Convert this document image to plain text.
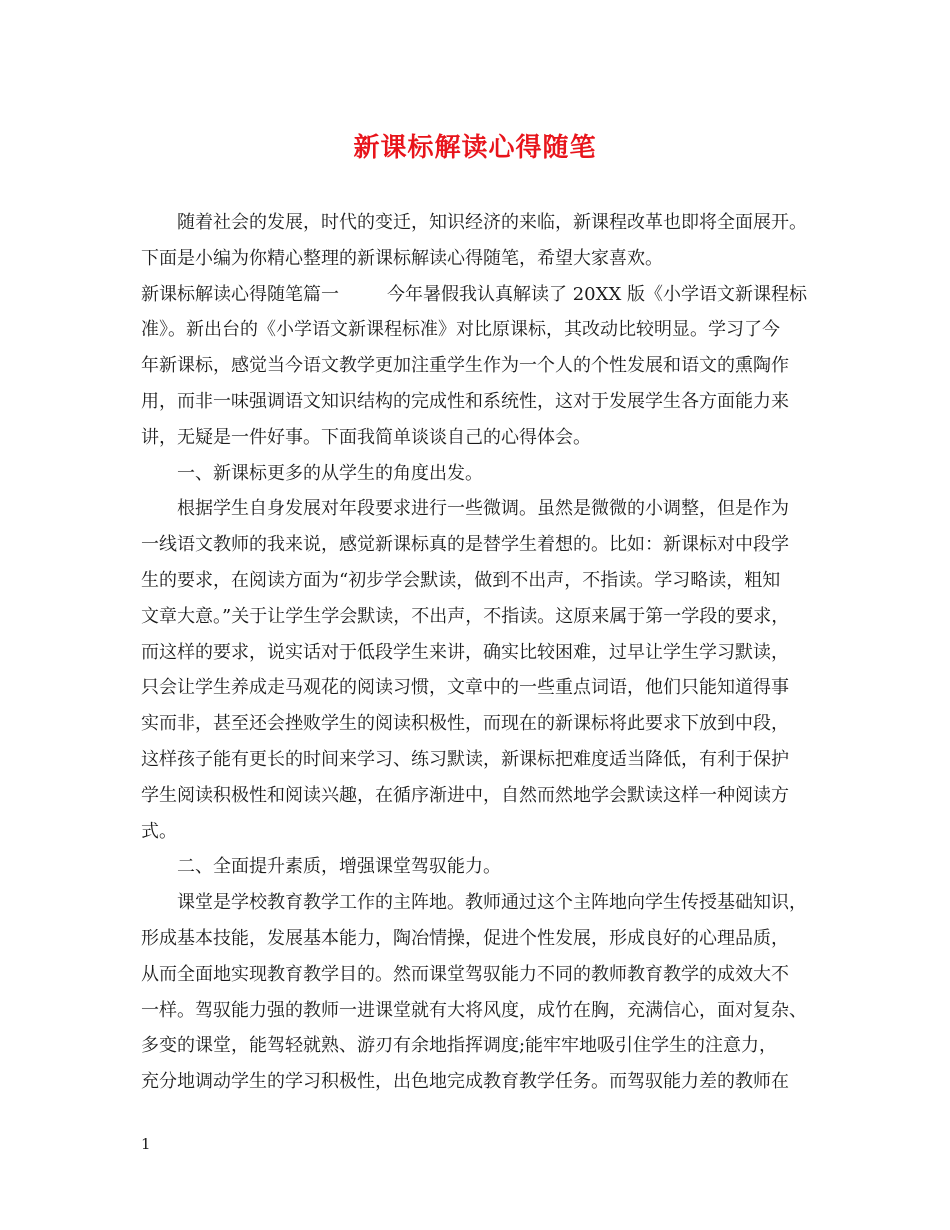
新课标解读心得随笔
随着社会的发展，时代的变迁，知识经济的来临，新课程改革也即将全面展开。
下面是小编为你精心整理的新课标解读心得随笔，希望大家喜欢。
新课标解读心得随笔篇一	今年暑假我认真解读了 20XX 版《小学语文新课程标
准》。新出台的《小学语文新课程标准》对比原课标，其改动比较明显。学习了今
年新课标，感觉当今语文教学更加注重学生作为一个人的个性发展和语文的熏陶作
用，而非一味强调语文知识结构的完成性和系统性，这对于发展学生各方面能力来
讲，无疑是一件好事。下面我简单谈谈自己的心得体会。
一、新课标更多的从学生的角度出发。
根据学生自身发展对年段要求进行一些微调。虽然是微微的小调整，但是作为
一线语文教师的我来说，感觉新课标真的是替学生着想的。比如：新课标对中段学
生的要求，在阅读方面为“初步学会默读，做到不出声，不指读。学习略读，粗知
文章大意。”关于让学生学会默读，不出声，不指读。这原来属于第一学段的要求，
而这样的要求，说实话对于低段学生来讲，确实比较困难，过早让学生学习默读，
只会让学生养成走马观花的阅读习惯，文章中的一些重点词语，他们只能知道得事
实而非，甚至还会挫败学生的阅读积极性，而现在的新课标将此要求下放到中段，
这样孩子能有更长的时间来学习、练习默读，新课标把难度适当降低，有利于保护
学生阅读积极性和阅读兴趣，在循序渐进中，自然而然地学会默读这样一种阅读方
式。
二、全面提升素质，增强课堂驾驭能力。
课堂是学校教育教学工作的主阵地。教师通过这个主阵地向学生传授基础知识，
形成基本技能，发展基本能力，陶冶情操，促进个性发展，形成良好的心理品质，
从而全面地实现教育教学目的。然而课堂驾驭能力不同的教师教育教学的成效大不
一样。驾驭能力强的教师一进课堂就有大将风度，成竹在胸，充满信心，面对复杂、
多变的课堂，能驾轻就熟、游刃有余地指挥调度;能牢牢地吸引住学生的注意力，
充分地调动学生的学习积极性，出色地完成教育教学任务。而驾驭能力差的教师在
1
